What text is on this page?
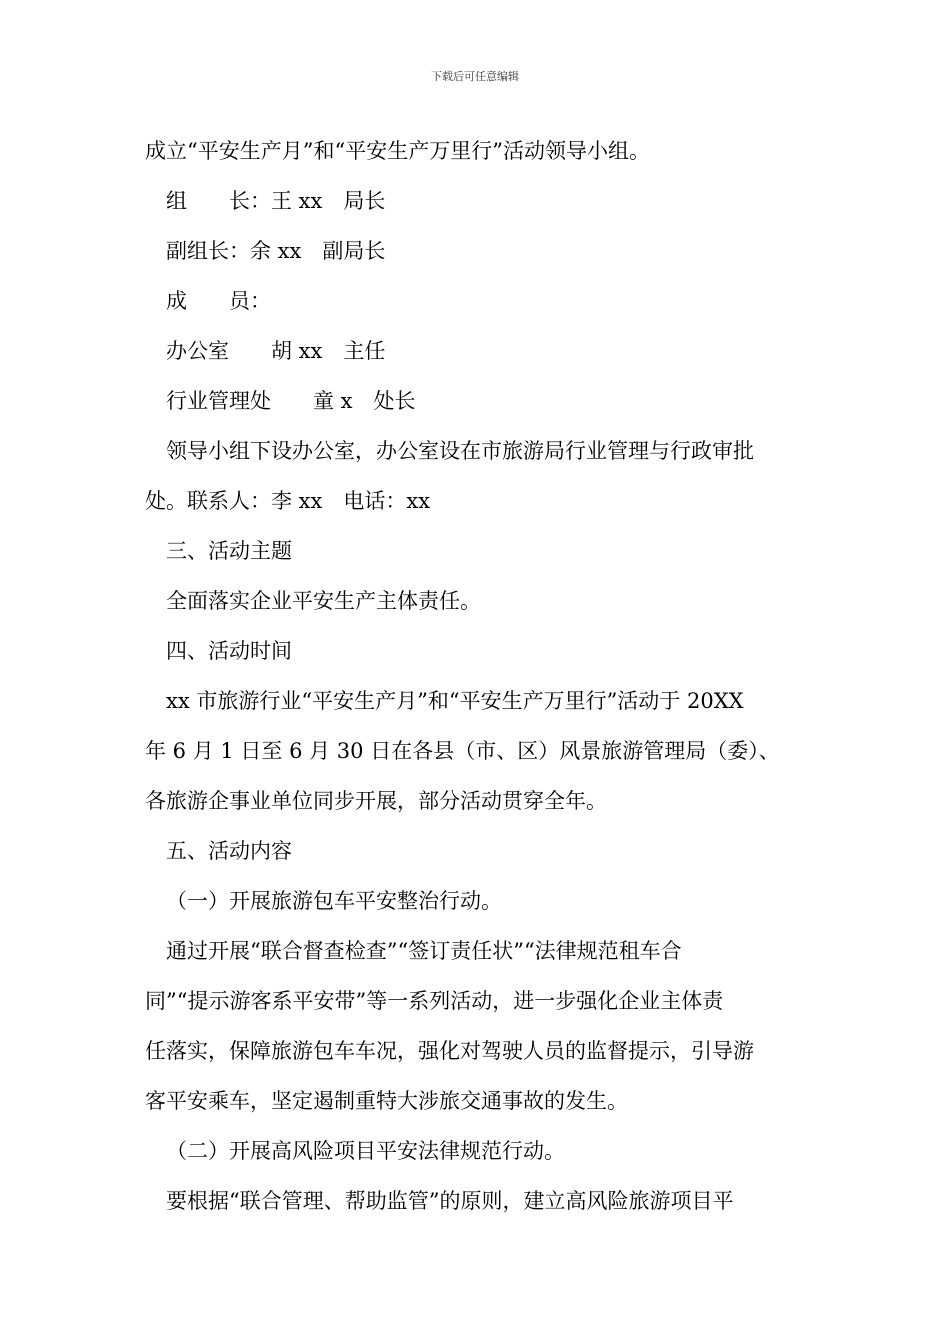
下载后可任意编辑
成立“平安生产月”和“平安生产万里行”活动领导小组。
组　　长：王 xx　局长
副组长：余 xx　副局长
成　　员：
办公室　　胡 xx　主任
行业管理处　　童 x　处长
领导小组下设办公室，办公室设在市旅游局行业管理与行政审批
处。联系人：李 xx　电话：xx
三、活动主题
全面落实企业平安生产主体责任。
四、活动时间
xx 市旅游行业“平安生产月”和“平安生产万里行”活动于 20XX
年 6 月 1 日至 6 月 30 日在各县（市、区）风景旅游管理局（委）、
各旅游企事业单位同步开展，部分活动贯穿全年。
五、活动内容
（一）开展旅游包车平安整治行动。
通过开展“联合督查检查”“签订责任状”“法律规范租车合
同”“提示游客系平安带”等一系列活动，进一步强化企业主体责
任落实，保障旅游包车车况，强化对驾驶人员的监督提示，引导游
客平安乘车，坚定遏制重特大涉旅交通事故的发生。
（二）开展高风险项目平安法律规范行动。
要根据“联合管理、帮助监管”的原则，建立高风险旅游项目平
